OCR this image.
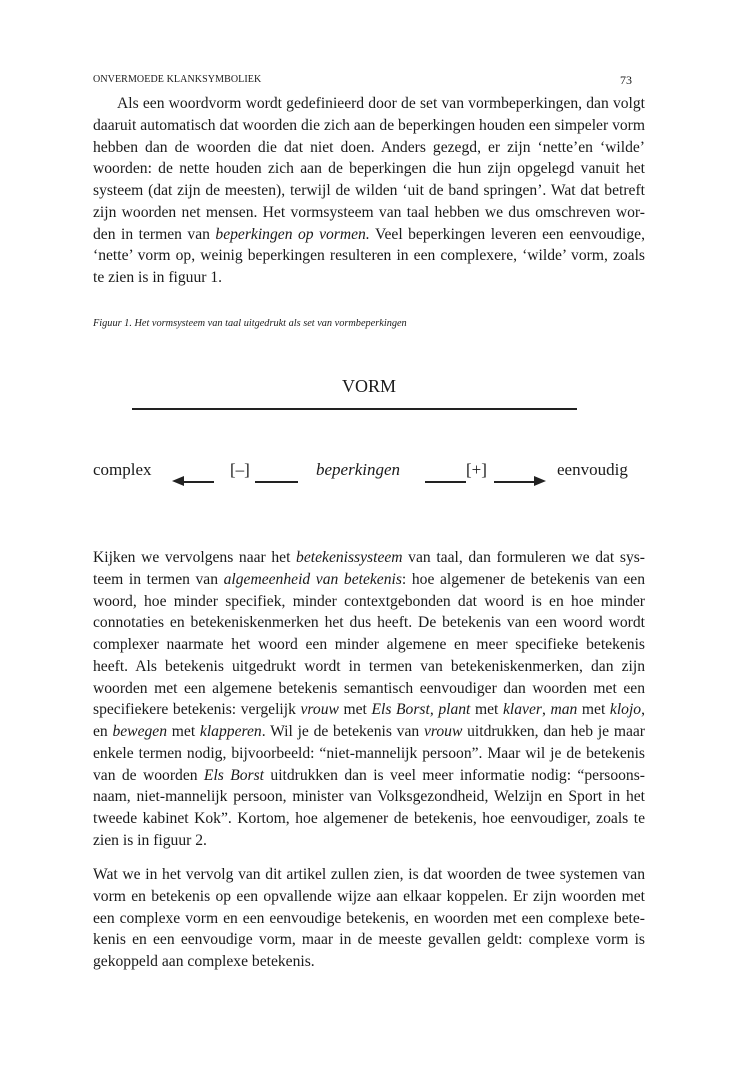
ONVERMOEDE KLANKSYMBOLIEK	73
Als een woordvorm wordt gedefinieerd door de set van vormbeperkingen, dan volgt
daaruit automatisch dat woorden die zich aan de beperkingen houden een simpeler vorm
hebben dan de woorden die dat niet doen. Anders gezegd, er zijn ‘nette’en ‘wilde’
woorden: de nette houden zich aan de beperkingen die hun zijn opgelegd vanuit het
systeem (dat zijn de meesten), terwijl de wilden ‘uit de band springen’. Wat dat betreft
zijn woorden net mensen. Het vormsysteem van taal hebben we dus omschreven wor-
den in termen van beperkingen op vormen. Veel beperkingen leveren een eenvoudige,
‘nette’ vorm op, weinig beperkingen resulteren in een complexere, ‘wilde’ vorm, zoals
te zien is in figuur 1.
Figuur 1. Het vormsysteem van taal uitgedrukt als set van vormbeperkingen
VORM
complex	[–]	beperkingen	[+]	eenvoudig
Kijken we vervolgens naar het betekenissysteem van taal, dan formuleren we dat sys-
teem in termen van algemeenheid van betekenis: hoe algemener de betekenis van een
woord, hoe minder specifiek, minder contextgebonden dat woord is en hoe minder
connotaties en betekeniskenmerken het dus heeft. De betekenis van een woord wordt
complexer naarmate het woord een minder algemene en meer specifieke betekenis
heeft. Als betekenis uitgedrukt wordt in termen van betekeniskenmerken, dan zijn
woorden met een algemene betekenis semantisch eenvoudiger dan woorden met een
specifiekere betekenis: vergelijk vrouw met Els Borst, plant met klaver, man met klojo,
en bewegen met klapperen. Wil je de betekenis van vrouw uitdrukken, dan heb je maar
enkele termen nodig, bijvoorbeeld: “niet-mannelijk persoon”. Maar wil je de betekenis
van de woorden Els Borst uitdrukken dan is veel meer informatie nodig: “persoons-
naam, niet-mannelijk persoon, minister van Volksgezondheid, Welzijn en Sport in het
tweede kabinet Kok”. Kortom, hoe algemener de betekenis, hoe eenvoudiger, zoals te
zien is in figuur 2.
Wat we in het vervolg van dit artikel zullen zien, is dat woorden de twee systemen van
vorm en betekenis op een opvallende wijze aan elkaar koppelen. Er zijn woorden met
een complexe vorm en een eenvoudige betekenis, en woorden met een complexe bete-
kenis en een eenvoudige vorm, maar in de meeste gevallen geldt: complexe vorm is
gekoppeld aan complexe betekenis.
